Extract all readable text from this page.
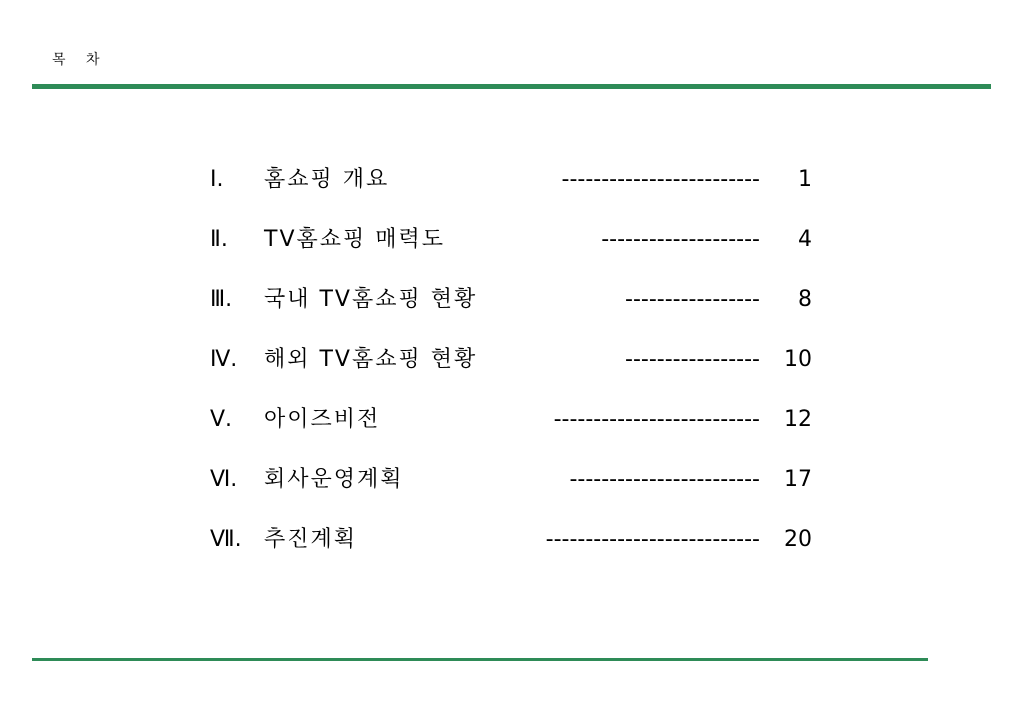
목 차
Ⅰ.	홈쇼핑 개요	-------------------------	1
Ⅱ.	TV홈쇼핑 매력도	--------------------	4
Ⅲ.	국내 TV홈쇼핑 현황	-----------------	8
Ⅳ.	해외 TV홈쇼핑 현황	-----------------	10
Ⅴ.	아이즈비전	--------------------------	12
Ⅵ.	회사운영계획	------------------------	17
Ⅶ.	추진계획	---------------------------	20
